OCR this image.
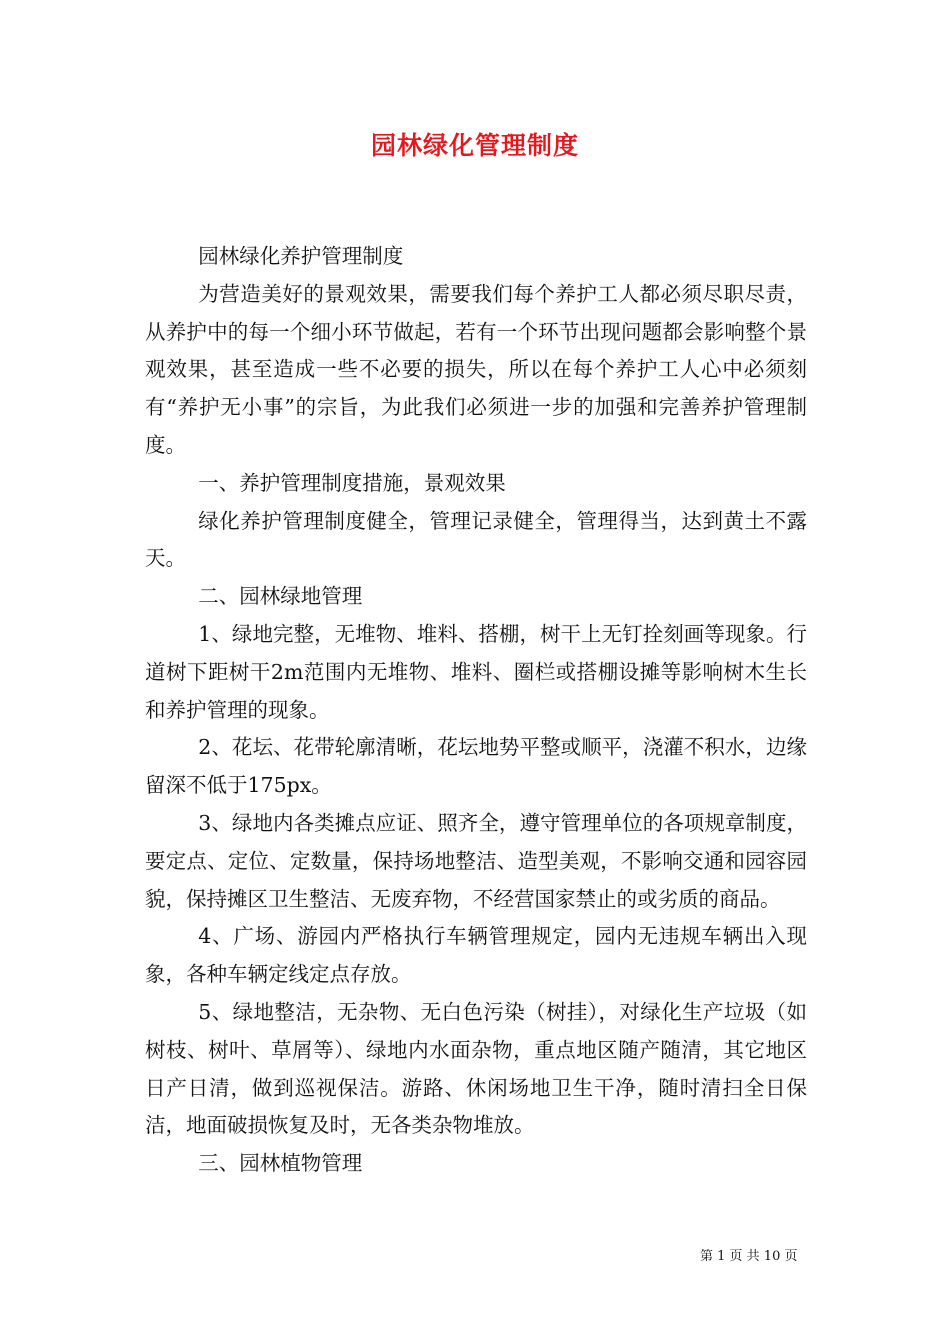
园林绿化管理制度

园林绿化养护管理制度

为营造美好的景观效果，需要我们每个养护工人都必须尽职尽责，从养护中的每一个细小环节做起，若有一个环节出现问题都会影响整个景观效果，甚至造成一些不必要的损失，所以在每个养护工人心中必须刻有“养护无小事”的宗旨，为此我们必须进一步的加强和完善养护管理制度。

一、养护管理制度措施，景观效果

绿化养护管理制度健全，管理记录健全，管理得当，达到黄土不露天。

二、园林绿地管理

1、绿地完整，无堆物、堆料、搭棚，树干上无钉拴刻画等现象。行道树下距树干2m范围内无堆物、堆料、圈栏或搭棚设摊等影响树木生长和养护管理的现象。

2、花坛、花带轮廓清晰，花坛地势平整或顺平，浇灌不积水，边缘留深不低于175px。

3、绿地内各类摊点应证、照齐全，遵守管理单位的各项规章制度，要定点、定位、定数量，保持场地整洁、造型美观，不影响交通和园容园貌，保持摊区卫生整洁、无废弃物，不经营国家禁止的或劣质的商品。

4、广场、游园内严格执行车辆管理规定，园内无违规车辆出入现象，各种车辆定线定点存放。

5、绿地整洁，无杂物、无白色污染（树挂），对绿化生产垃圾（如树枝、树叶、草屑等）、绿地内水面杂物，重点地区随产随清，其它地区日产日清，做到巡视保洁。游路、休闲场地卫生干净，随时清扫全日保洁，地面破损恢复及时，无各类杂物堆放。

三、园林植物管理

第 1 页 共 10 页
